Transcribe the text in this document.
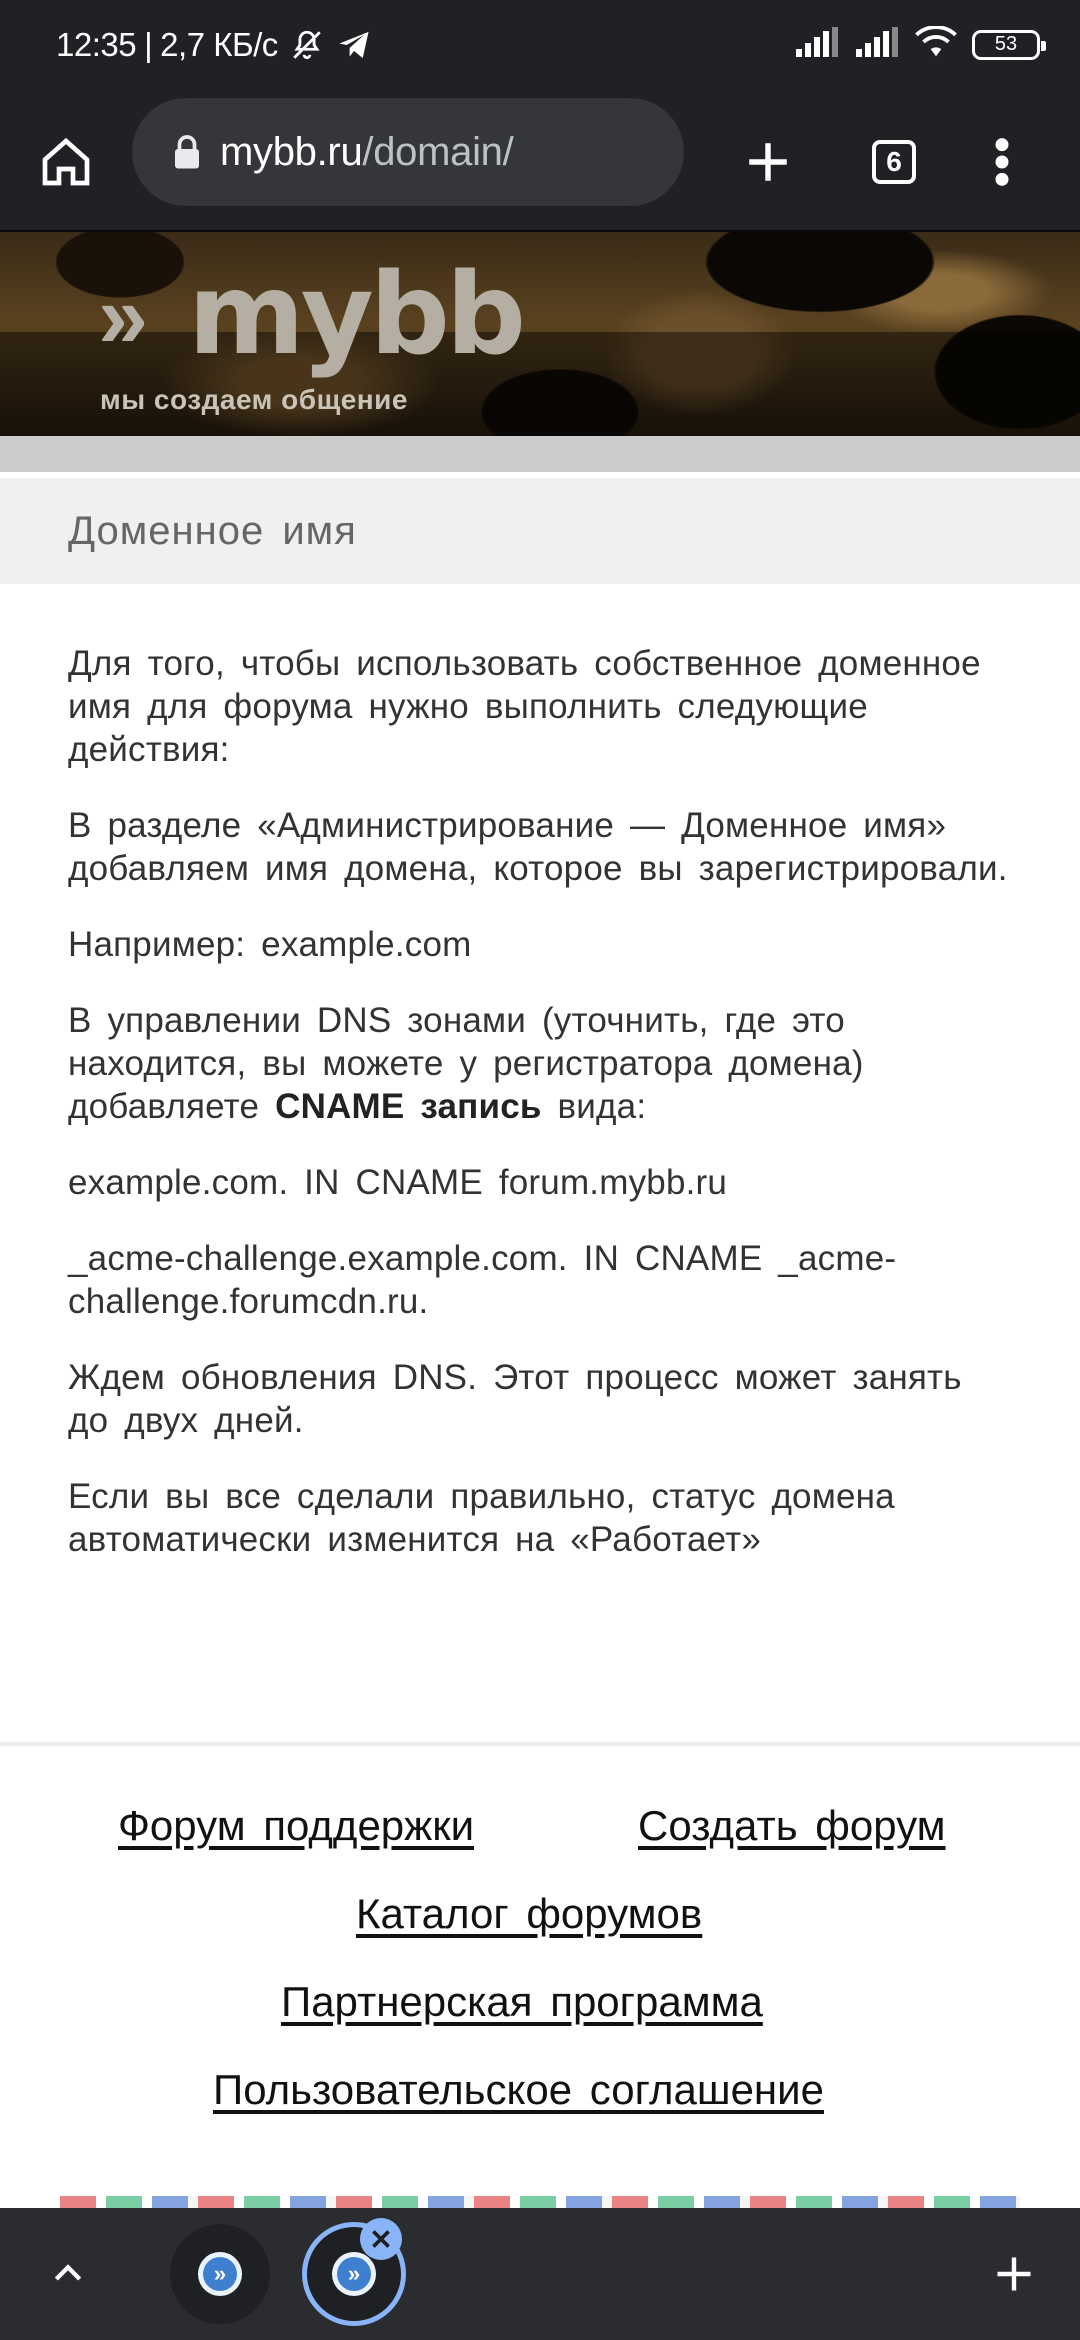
12:35 | 2,7 КБ/с	53
mybb.ru/domain/	6
» mybb
мы создаем общение
Доменное имя

Для того, чтобы использовать собственное доменное имя для форума нужно выполнить следующие действия:

В разделе «Администрирование — Доменное имя» добавляем имя домена, которое вы зарегистрировали.

Например: example.com

В управлении DNS зонами (уточнить, где это находится, вы можете у регистратора домена) добавляете CNAME запись вида:

example.com. IN CNAME forum.mybb.ru

_acme-challenge.example.com. IN CNAME _acme-challenge.forumcdn.ru.

Ждем обновления DNS. Этот процесс может занять до двух дней.

Если вы все сделали правильно, статус домена автоматически изменится на «Работает»

Форум поддержки	Создать форум
Каталог форумов
Партнерская программа
Пользовательское соглашение
»	»
